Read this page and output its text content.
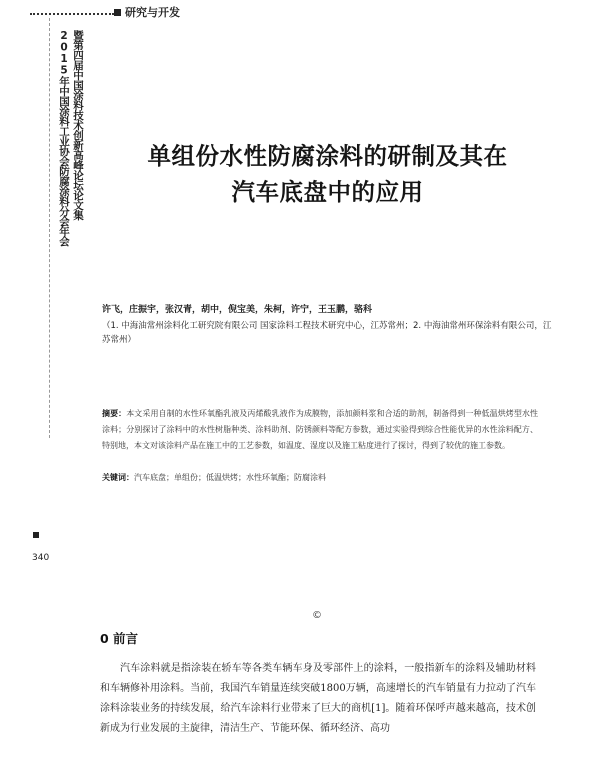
研究与开发
2015年中国涂料工业协会防腐涂料分会年会 暨第四届中国涂料技术创新高峰论坛论文集	单组份水性防腐涂料的研制及其在
汽车底盘中的应用
许飞，庄振宇，张汉青，胡中，倪宝美，朱柯，许宁，王玉鹏，骆科
（1. 中海油常州涂料化工研究院有限公司 国家涂料工程技术研究中心，江苏常州；2. 中海油常州环保涂料有限公司，江苏常州）
摘要：本文采用自制的水性环氧酯乳液及丙烯酸乳液作为成膜物，添加颜料浆和合适的助剂，制备得到一种低温烘烤型水性涂料；分别探讨了涂料中的水性树脂种类、涂料助剂、防锈颜料等配方参数，通过实验得到综合性能优异的水性涂料配方、特别地，本文对该涂料产品在施工中的工艺参数，如温度、湿度以及施工粘度进行了探讨，得到了较优的施工参数。
关键词：汽车底盘；单组份；低温烘烤；水性环氧酯；防腐涂料
340
©
0 前言
汽车涂料就是指涂装在轿车等各类车辆车身及零部件上的涂料，一般指新车的涂料及辅助材料和车辆修补用涂料。当前，我国汽车销量连续突破1800万辆，高速增长的汽车销量有力拉动了汽车涂料涂装业务的持续发展，给汽车涂料行业带来了巨大的商机[1]。随着环保呼声越来越高，技术创新成为行业发展的主旋律，清洁生产、节能环保、循环经济、高功
